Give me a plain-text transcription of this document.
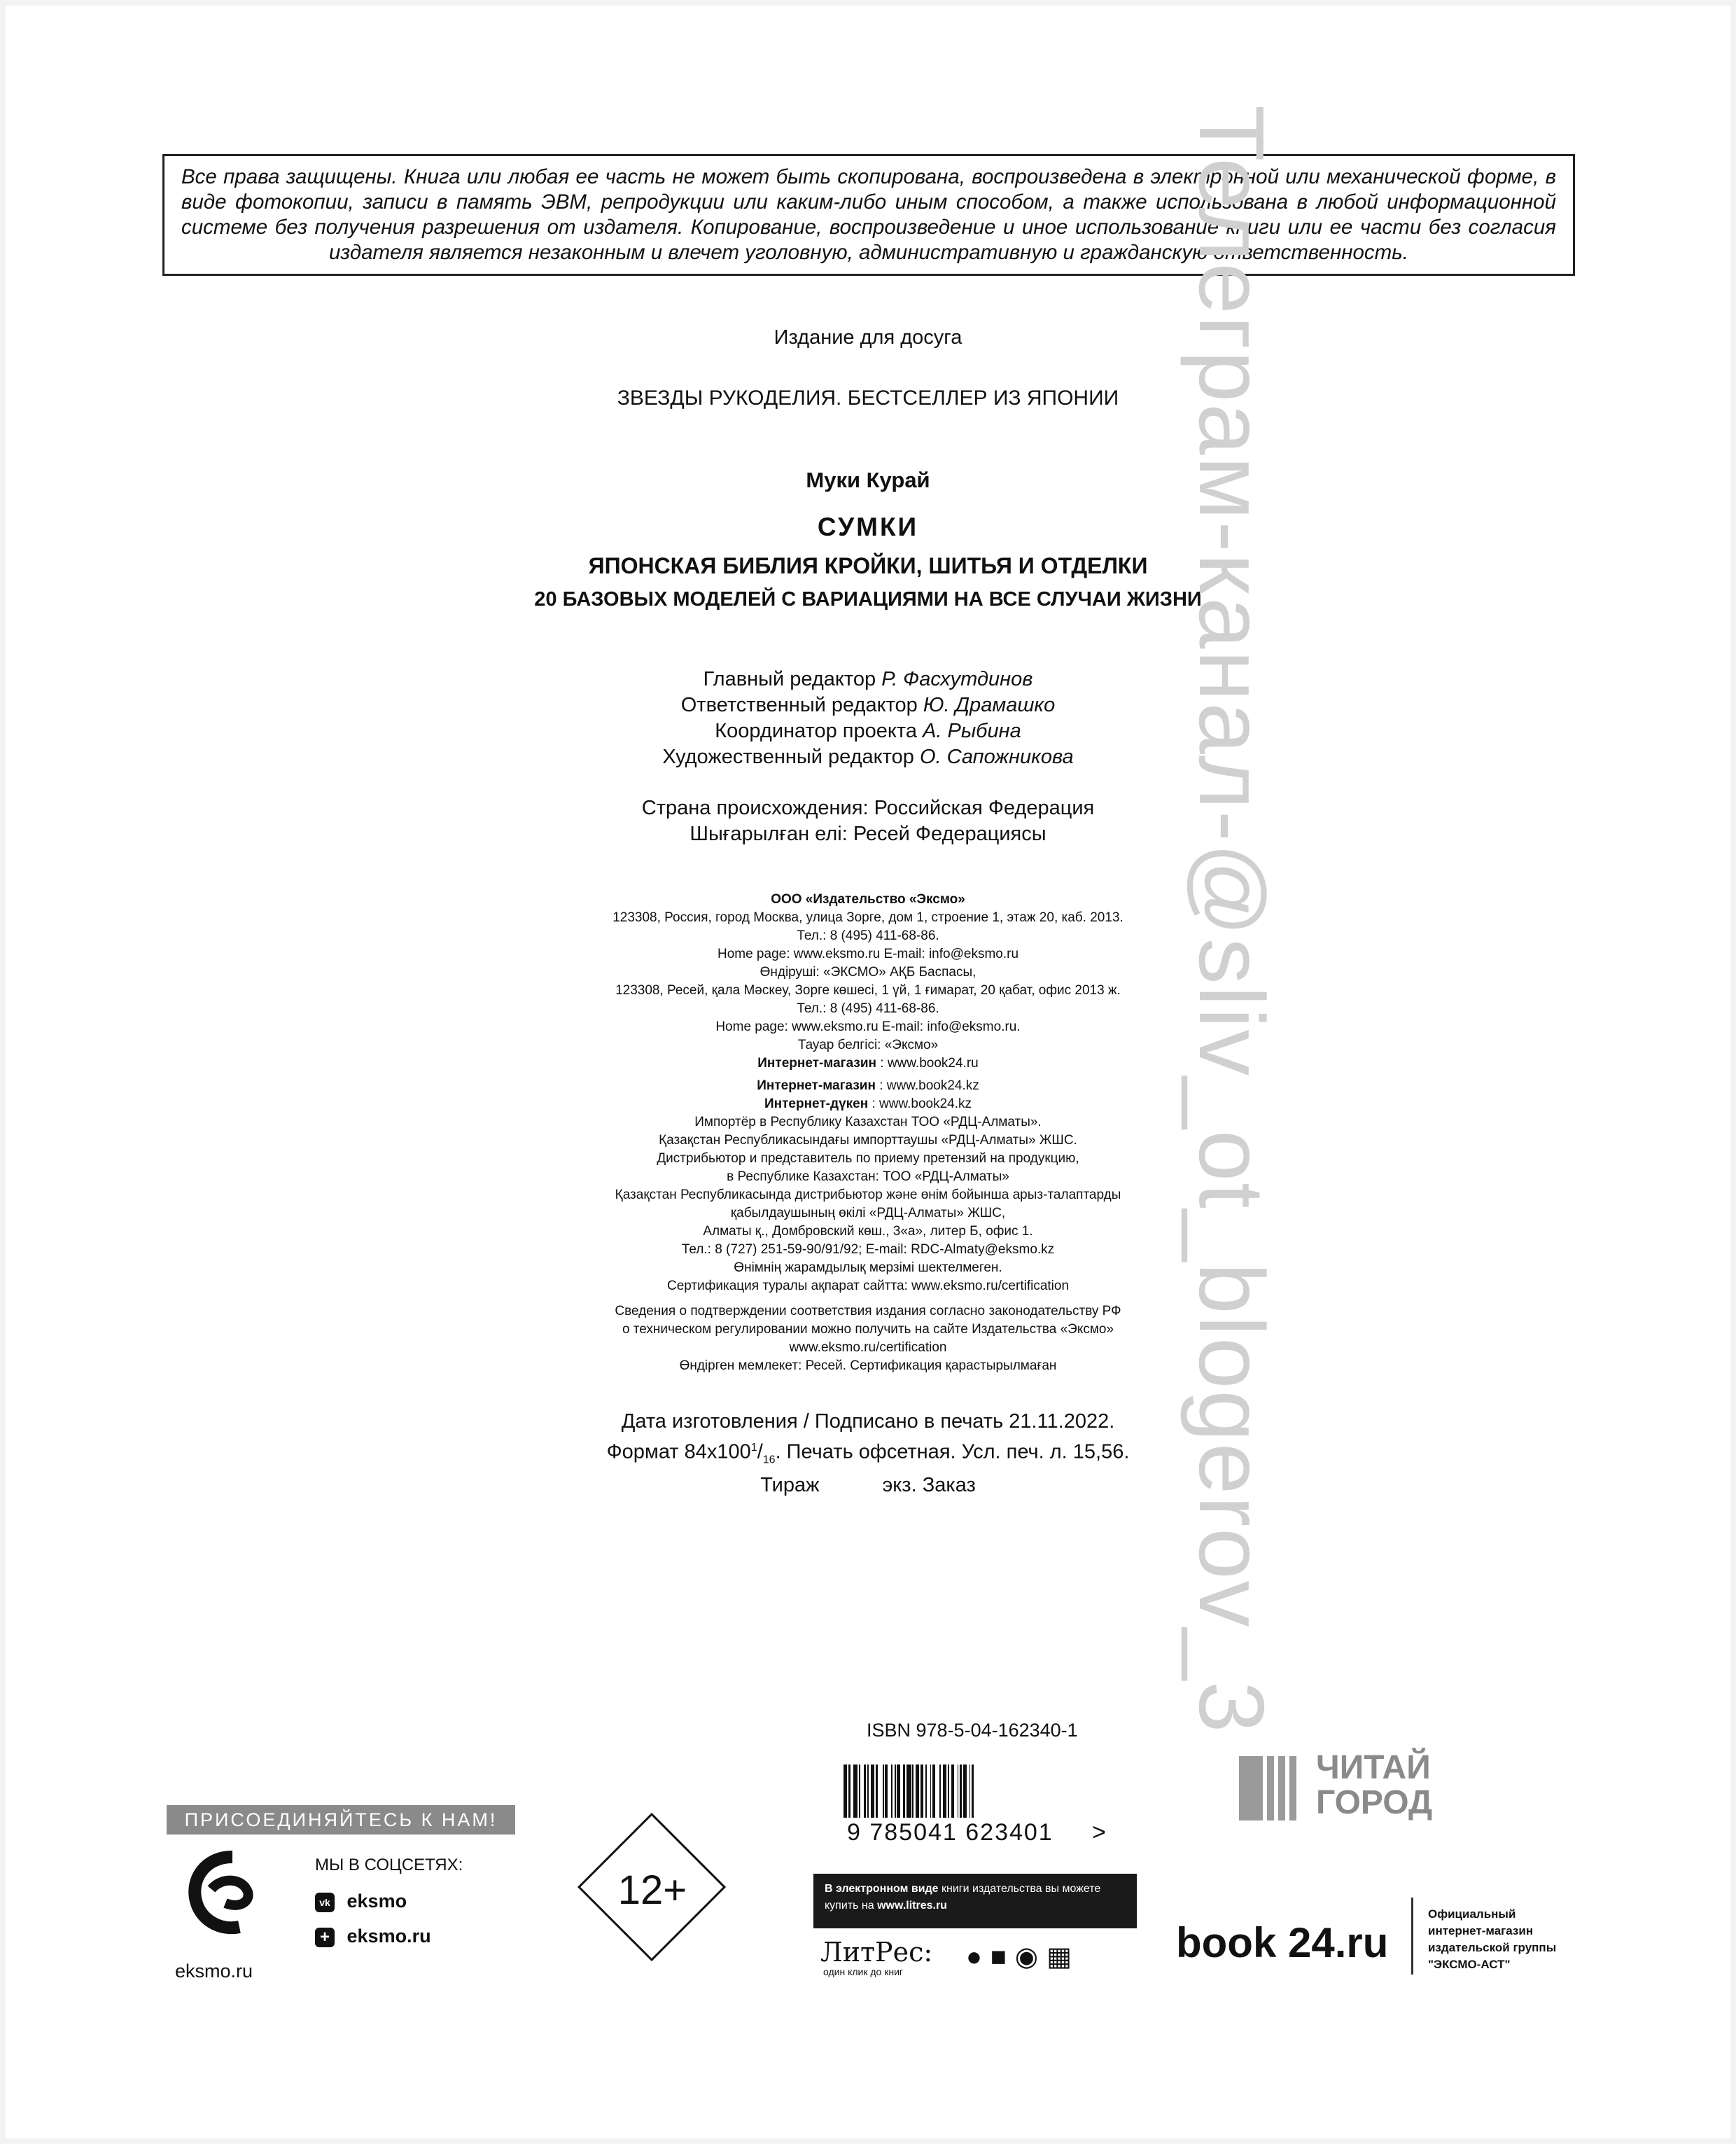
Все права защищены. Книга или любая ее часть не может быть скопирована, воспроизведена в электронной или механической форме, в виде фотокопии, записи в память ЭВМ, репродукции или каким-либо иным способом, а также использована в любой информационной системе без получения разрешения от издателя. Копирование, воспроизведение и иное использование книги или ее части без согласия издателя является незаконным и влечет уголовную, административную и гражданскую ответственность.
Издание для досуга
ЗВЕЗДЫ РУКОДЕЛИЯ. БЕСТСЕЛЛЕР ИЗ ЯПОНИИ
Муки Курай
СУМКИ
ЯПОНСКАЯ БИБЛИЯ КРОЙКИ, ШИТЬЯ И ОТДЕЛКИ
20 БАЗОВЫХ МОДЕЛЕЙ С ВАРИАЦИЯМИ НА ВСЕ СЛУЧАИ ЖИЗНИ
Главный редактор Р. Фасхутдинов
Ответственный редактор Ю. Драмашко
Координатор проекта А. Рыбина
Художественный редактор О. Сапожникова
Страна происхождения: Российская Федерация
Шығарылған елі: Ресей Федерациясы
ООО «Издательство «Эксмо»
123308, Россия, город Москва, улица Зорге, дом 1, строение 1, этаж 20, каб. 2013.
Тел.: 8 (495) 411-68-86.
Home page: www.eksmo.ru E-mail: info@eksmo.ru
Өндіруші: «ЭКСМО» АҚБ Баспасы,
123308, Ресей, қала Мәскеу, Зорге көшесі, 1 үй, 1 ғимарат, 20 қабат, офис 2013 ж.
Тел.: 8 (495) 411-68-86.
Home page: www.eksmo.ru E-mail: info@eksmo.ru.
Тауар белгісі: «Эксмо»
Интернет-магазин : www.book24.ru
Интернет-магазин : www.book24.kz
Интернет-дүкен : www.book24.kz
Импортёр в Республику Казахстан ТОО «РДЦ-Алматы».
Қазақстан Республикасындағы импорттаушы «РДЦ-Алматы» ЖШС.
Дистрибьютор и представитель по приему претензий на продукцию,
в Республике Казахстан: ТОО «РДЦ-Алматы»
Қазақстан Республикасында дистрибьютор және өнім бойынша арыз-талаптарды
қабылдаушының өкілі «РДЦ-Алматы» ЖШС,
Алматы қ., Домбровский көш., 3«а», литер Б, офис 1.
Тел.: 8 (727) 251-59-90/91/92; E-mail: RDC-Almaty@eksmo.kz
Өнімнің жарамдылық мерзімі шектелмеген.
Сертификация туралы ақпарат сайтта: www.eksmo.ru/certification
Сведения о подтверждении соответствия издания согласно законодательству РФ
о техническом регулировании можно получить на сайте Издательства «Эксмо»
www.eksmo.ru/certification
Өндірген мемлекет: Ресей. Сертификация қарастырылмаған
Дата изготовления / Подписано в печать 21.11.2022.
Формат $84x100^1/_{16}$. Печать офсетная. Усл. печ. л. 15,56.
Тираж	экз. Заказ	Телеграм-канал-@sliv_ot_blogerov_3
ISBN 978-5-04-162340-1
9 785041 623401 >
ПРИСОЕДИНЯЙТЕСЬ К НАМ!
eksmo.ru
МЫ В СОЦСЕТЯХ:
vk eksmo
+ eksmo.ru
12+	В электронном виде книги издательства вы можете купить на www.litres.ru
ЛитРес:
один клик до книг ●■◉▦
ЧИТАЙ
ГОРОД
book 24.ru
Официальный
интернет-магазин
издательской группы
"ЭКСМО-АСТ"
